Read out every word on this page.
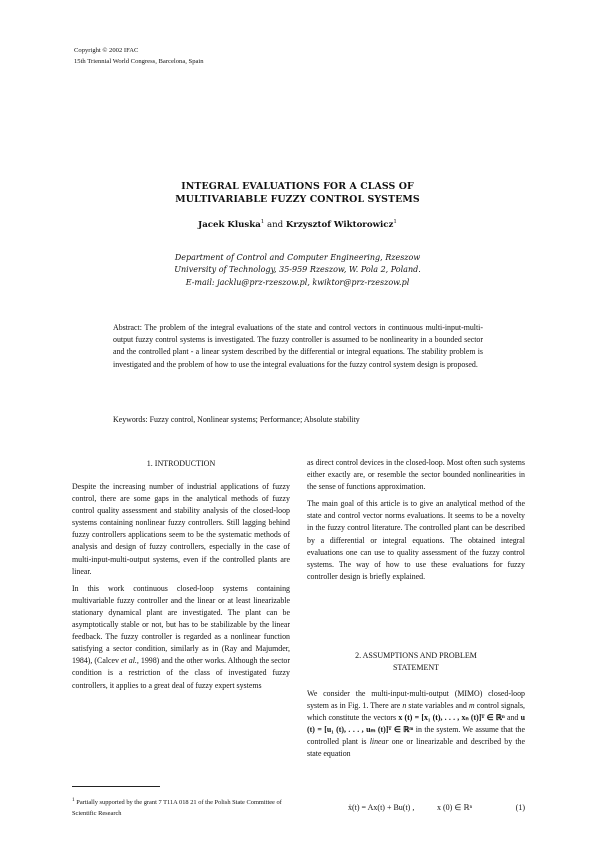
Copyright © 2002 IFAC
15th Triennial World Congress, Barcelona, Spain
INTEGRAL EVALUATIONS FOR A CLASS OF
MULTIVARIABLE FUZZY CONTROL SYSTEMS
Jacek Kluska$^1$ and Krzysztof Wiktorowicz$^1$
Department of Control and Computer Engineering, Rzeszow
University of Technology, 35-959 Rzeszow, W. Pola 2, Poland.
E-mail: jacklu@prz-rzeszow.pl, kwiktor@prz-rzeszow.pl
Abstract: The problem of the integral evaluations of the state and control vectors in continuous multi-input-multi-output fuzzy control systems is investigated. The fuzzy controller is assumed to be nonlinearity in a bounded sector and the controlled plant - a linear system described by the differential or integral equations. The stability problem is investigated and the problem of how to use the integral evaluations for the fuzzy control system design is proposed.
Keywords: Fuzzy control, Nonlinear systems; Performance; Absolute stability
1. INTRODUCTION

Despite the increasing number of industrial applications of fuzzy control, there are some gaps in the analytical methods of fuzzy control quality assessment and stability analysis of the closed-loop systems containing nonlinear fuzzy controllers. Still lagging behind fuzzy controllers applications seem to be the systematic methods of analysis and design of fuzzy controllers, especially in the case of multi-input-multi-output systems, even if the controlled plants are linear.

In this work continuous closed-loop systems containing multivariable fuzzy controller and the linear or at least linearizable stationary dynamical plant are investigated. The plant can be asymptotically stable or not, but has to be stabilizable by the linear feedback. The fuzzy controller is regarded as a nonlinear function satisfying a sector condition, similarly as in (Ray and Majumder, 1984), (Calcev et al., 1998) and the other works. Although the sector condition is a restriction of the class of investigated fuzzy controllers, it applies to a great deal of fuzzy expert systems

as direct control devices in the closed-loop. Most often such systems either exactly are, or resemble the sector bounded nonlinearities in the sense of functions approximation.

The main goal of this article is to give an analytical method of the state and control vector norms evaluations. It seems to be a novelty in the fuzzy control literature. The controlled plant can be described by a differential or integral equations. The obtained integral evaluations one can use to quality assessment of the fuzzy control systems. The way of how to use these evaluations for fuzzy controller design is briefly explained.

2. ASSUMPTIONS AND PROBLEM
STATEMENT

We consider the multi-input-multi-output (MIMO) closed-loop system as in Fig. 1. There are n state variables and m control signals, which constitute the vectors x (t) = [x₁ (t), . . . , xₙ (t)]ᵀ ∈ ℝⁿ and u (t) = [u₁ (t), . . . , uₘ (t)]ᵀ ∈ ℝᵐ in the system. We assume that the controlled plant is linear one or linearizable and described by the state equation

ẋ(t) = Ax(t) + Bu(t) ,	x (0) ∈ ℝⁿ	(1)
$^1$ Partially supported by the grant 7 T11A 018 21 of the Polish State Committee of Scientific Research
